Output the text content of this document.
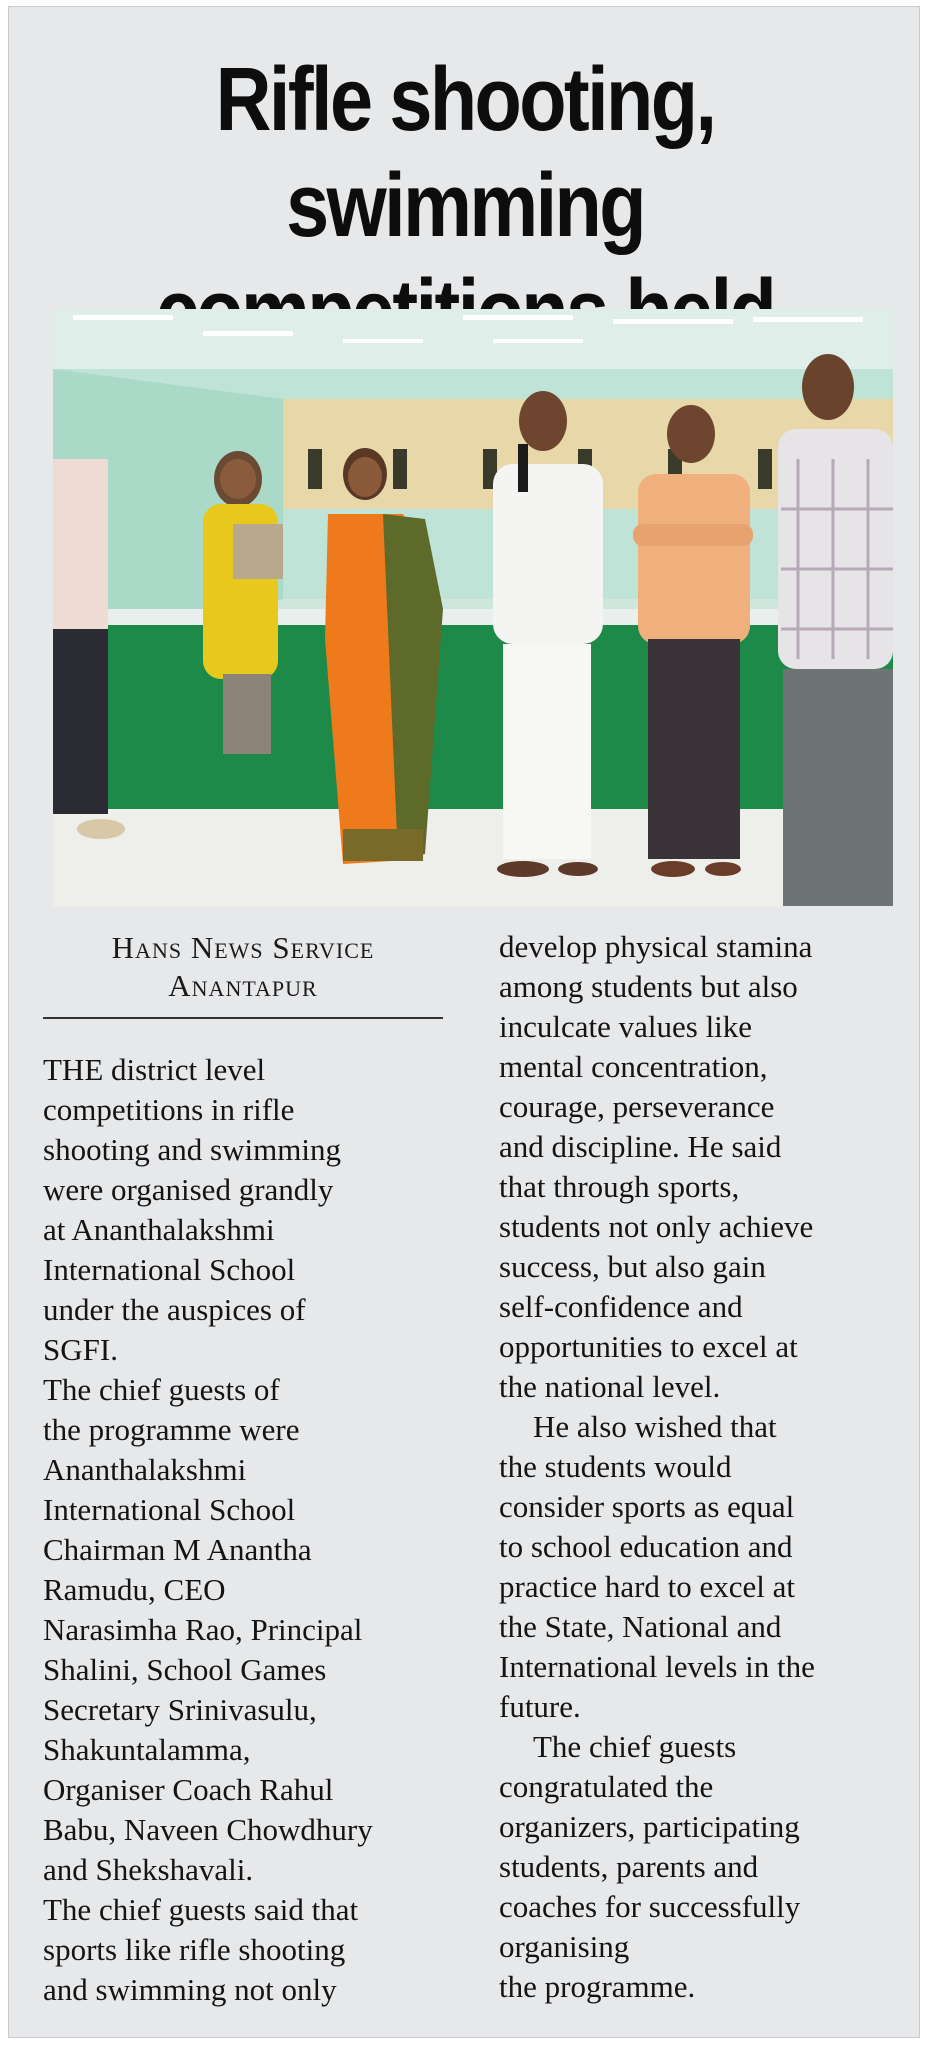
Rifle shooting, swimming
Hans News Service
Anantapur

THE district level
competitions in rifle
shooting and swimming
were organised grandly
at Ananthalakshmi
International School
under the auspices of
SGFI.

The chief guests of
the programme were
Ananthalakshmi
International School
Chairman M Anantha
Ramudu, CEO
Narasimha Rao, Principal
Shalini, School Games
Secretary Srinivasulu,
Shakuntalamma,
Organiser Coach Rahul
Babu, Naveen Chowdhury
and Shekshavali.

The chief guests said that
sports like rifle shooting
and swimming not only

develop physical stamina
among students but also
inculcate values like
mental concentration,
courage, perseverance
and discipline. He said
that through sports,
students not only achieve
success, but also gain
self-confidence and
opportunities to excel at
the national level.

He also wished that
the students would
consider sports as equal
to school education and
practice hard to excel at
the State, National and
International levels in the
future.

The chief guests
congratulated the
organizers, participating
students, parents and
coaches for successfully
organising
the programme.
